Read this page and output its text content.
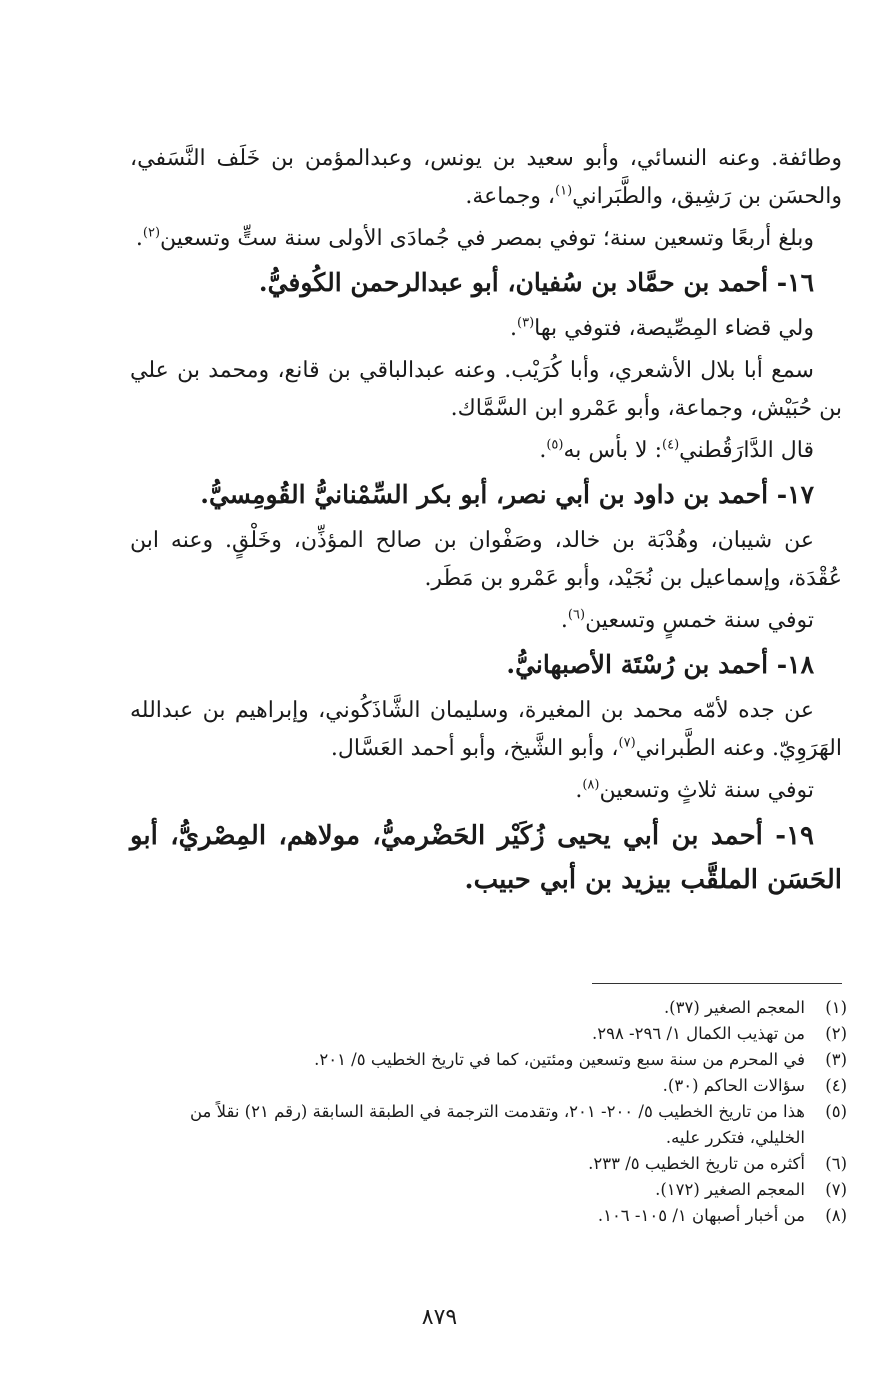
وطائفة. وعنه النسائي، وأبو سعيد بن يونس، وعبدالمؤمن بن خَلَف النَّسَفي، والحسَن بن رَشِيق، والطَّبَراني$^{(١)}$، وجماعة.

وبلغ أربعًا وتسعين سنة؛ توفي بمصر في جُمادَى الأولى سنة ستٍّ وتسعين$^{(٢)}$.

١٦- أحمد بن حمَّاد بن سُفيان، أبو عبدالرحمن الكُوفيُّ.

ولي قضاء المِصِّيصة، فتوفي بها$^{(٣)}$.

سمع أبا بلال الأشعري، وأبا كُرَيْب. وعنه عبدالباقي بن قانع، ومحمد بن علي بن حُبَيْش، وجماعة، وأبو عَمْرو ابن السَّمَّاك.

قال الدَّارَقُطني$^{(٤)}$: لا بأس به$^{(٥)}$.

١٧- أحمد بن داود بن أبي نصر، أبو بكر السِّمْنانيُّ القُومِسيُّ.

عن شيبان، وهُدْبَة بن خالد، وصَفْوان بن صالح المؤذِّن، وخَلْقٍ. وعنه ابن عُقْدَة، وإسماعيل بن نُجَيْد، وأبو عَمْرو بن مَطَر.

توفي سنة خمسٍ وتسعين$^{(٦)}$.

١٨- أحمد بن رُسْتَة الأصبهانيُّ.

عن جده لأمّه محمد بن المغيرة، وسليمان الشَّاذَكُوني، وإبراهيم بن عبدالله الهَرَوِيّ. وعنه الطَّبراني$^{(٧)}$، وأبو الشَّيخ، وأبو أحمد العَسَّال.

توفي سنة ثلاثٍ وتسعين$^{(٨)}$.

١٩- أحمد بن أبي يحيى زُكَيْر الحَضْرميُّ، مولاهم، المِصْريُّ، أبو الحَسَن الملقَّب بيزيد بن أبي حبيب.

(١)
المعجم الصغير (٣٧).
(٢)
من تهذيب الكمال ١/ ٢٩٦- ٢٩٨.
(٣)
في المحرم من سنة سبع وتسعين ومئتين، كما في تاريخ الخطيب ٥/ ٢٠١.
(٤)
سؤالات الحاكم (٣٠).
(٥)
هذا من تاريخ الخطيب ٥/ ٢٠٠- ٢٠١، وتقدمت الترجمة في الطبقة السابقة (رقم ٢١) نقلاً من الخليلي، فتكرر عليه.
(٦)
أكثره من تاريخ الخطيب ٥/ ٢٣٣.
(٧)
المعجم الصغير (١٧٢).
(٨)
من أخبار أصبهان ١/ ١٠٥- ١٠٦.
٨٧٩
